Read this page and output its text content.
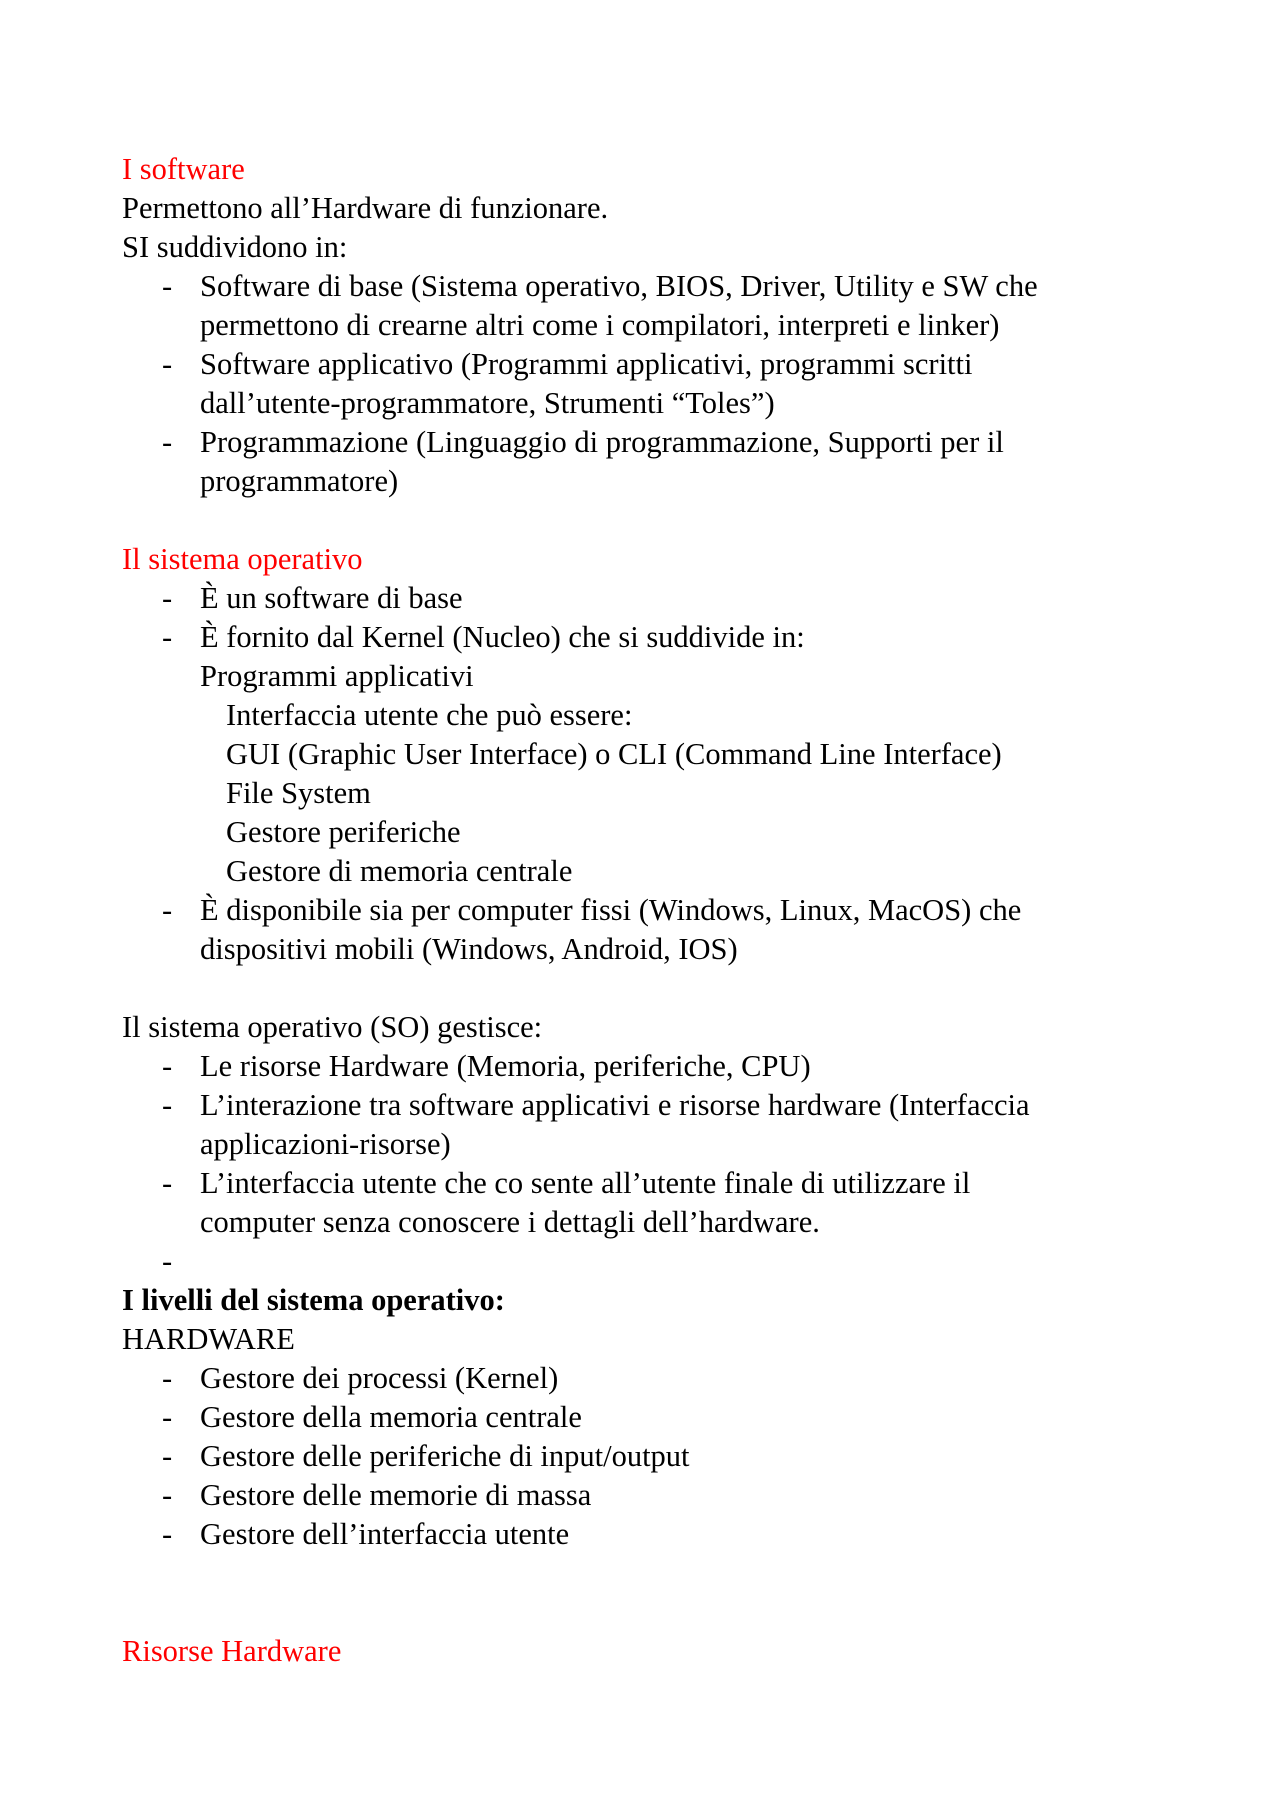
I software

Permettono all’Hardware di funzionare.

SI suddividono in:

- Software di base (Sistema operativo, BIOS, Driver, Utility e SW che
permettono di crearne altri come i compilatori, interpreti e linker)
- Software applicativo (Programmi applicativi, programmi scritti
dall’utente-programmatore, Strumenti “Toles”)
- Programmazione (Linguaggio di programmazione, Supporti per il
programmatore)

Il sistema operativo

- È un software di base
- È fornito dal Kernel (Nucleo) che si suddivide in:
Programmi applicativi
Interfaccia utente che può essere:
GUI (Graphic User Interface) o CLI (Command Line Interface)
File System
Gestore periferiche
Gestore di memoria centrale
- È disponibile sia per computer fissi (Windows, Linux, MacOS) che
dispositivi mobili (Windows, Android, IOS)

Il sistema operativo (SO) gestisce:

- Le risorse Hardware (Memoria, periferiche, CPU)
- L’interazione tra software applicativi e risorse hardware (Interfaccia
applicazioni-risorse)
- L’interfaccia utente che co sente all’utente finale di utilizzare il
computer senza conoscere i dettagli dell’hardware.
-

I livelli del sistema operativo:

HARDWARE

- Gestore dei processi (Kernel)
- Gestore della memoria centrale
- Gestore delle periferiche di input/output
- Gestore delle memorie di massa
- Gestore dell’interfaccia utente

Risorse Hardware
